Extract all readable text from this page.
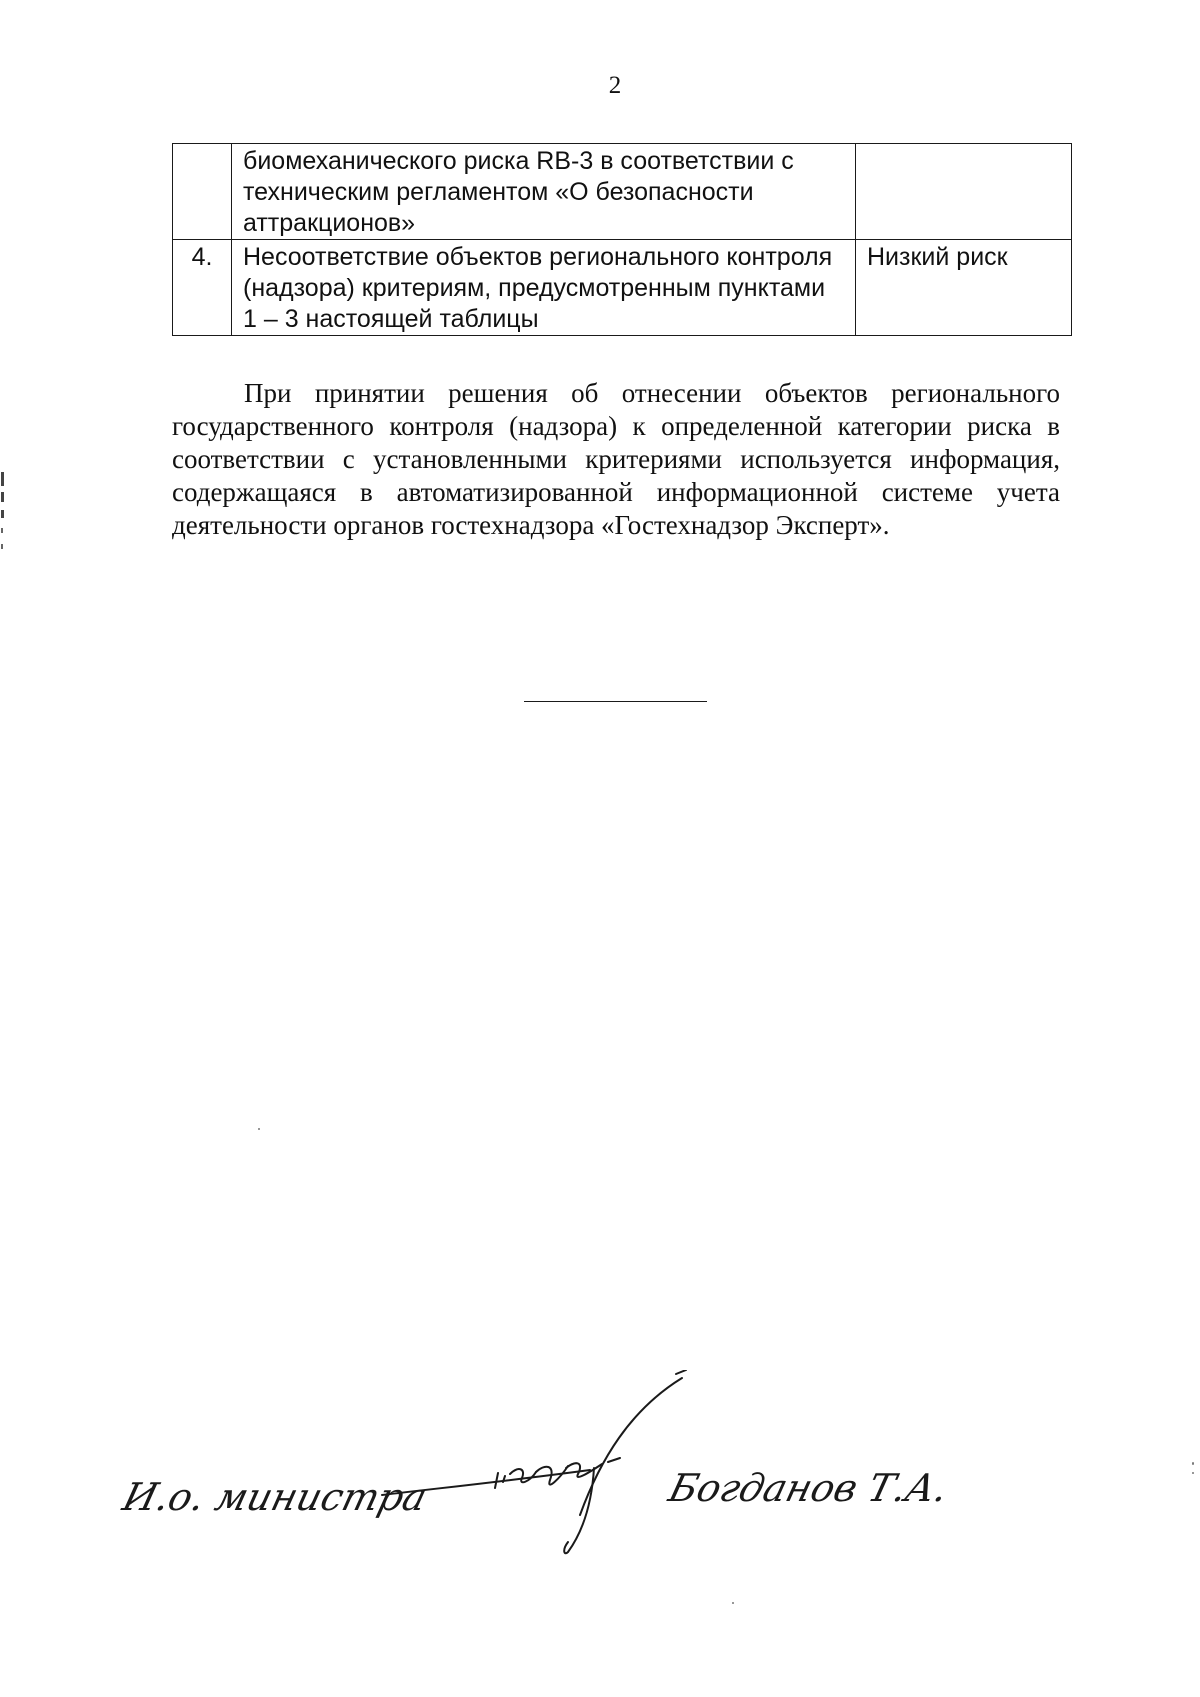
2
	биомеханического риска RB-3 в соответствии с техническим регламентом «О безопасности аттракционов»	
4.	Несоответствие объектов регионального контроля (надзора) критериям, предусмотренным пунктами 1 – 3 настоящей таблицы	Низкий риск

При принятии решения об отнесении объектов регионального государственного контроля (надзора) к определенной категории риска в соответствии с установленными критериями используется информация, содержащаяся в автоматизированной информационной системе учета деятельности органов гостехнадзора «Гостехнадзор Эксперт».

И.о. министра	Богданов Т.А.
